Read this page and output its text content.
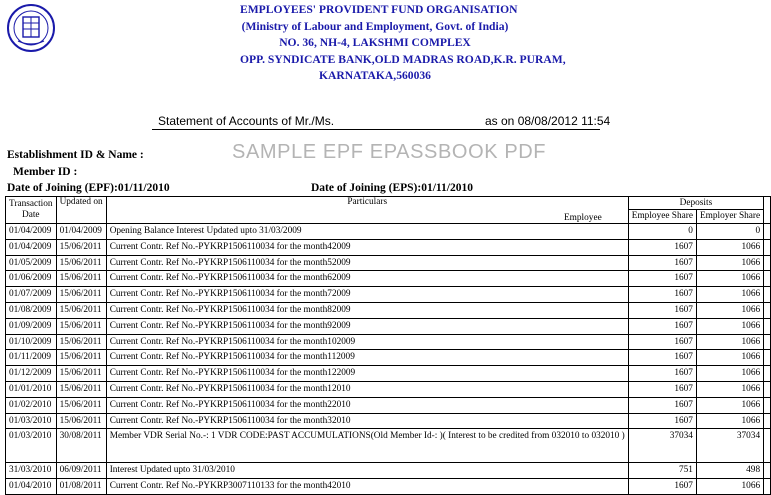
EMPLOYEES' PROVIDENT FUND ORGANISATION
(Ministry of Labour and Employment, Govt. of India)
NO. 36, NH-4, LAKSHMI COMPLEX
OPP. SYNDICATE BANK,OLD MADRAS ROAD,K.R. PURAM,
KARNATAKA,560036
Statement of Accounts of Mr./Ms.	as on 08/08/2012 11:54
Establishment ID & Name :	SAMPLE EPF EPASSBOOK PDF
Member ID :
Date of Joining (EPF):01/11/2010	Date of Joining (EPS):01/11/2010
Transaction Date	Updated on	Particulars	Deposits		
			Employee Share	Employer Share	
01/04/2009	01/04/2009	Opening Balance Interest Updated upto 31/03/2009	0	0	
01/04/2009	15/06/2011	Current Contr. Ref No.-PYKRP1506110034 for the month42009	1607	1066	
01/05/2009	15/06/2011	Current Contr. Ref No.-PYKRP1506110034 for the month52009	1607	1066	
01/06/2009	15/06/2011	Current Contr. Ref No.-PYKRP1506110034 for the month62009	1607	1066	
01/07/2009	15/06/2011	Current Contr. Ref No.-PYKRP1506110034 for the month72009	1607	1066	
01/08/2009	15/06/2011	Current Contr. Ref No.-PYKRP1506110034 for the month82009	1607	1066	
01/09/2009	15/06/2011	Current Contr. Ref No.-PYKRP1506110034 for the month92009	1607	1066	
01/10/2009	15/06/2011	Current Contr. Ref No.-PYKRP1506110034 for the month102009	1607	1066	
01/11/2009	15/06/2011	Current Contr. Ref No.-PYKRP1506110034 for the month112009	1607	1066	
01/12/2009	15/06/2011	Current Contr. Ref No.-PYKRP1506110034 for the month122009	1607	1066	
01/01/2010	15/06/2011	Current Contr. Ref No.-PYKRP1506110034 for the month12010	1607	1066	
01/02/2010	15/06/2011	Current Contr. Ref No.-PYKRP1506110034 for the month22010	1607	1066	
01/03/2010	15/06/2011	Current Contr. Ref No.-PYKRP1506110034 for the month32010	1607	1066	
01/03/2010	30/08/2011	Member VDR Serial No.-: 1 VDR CODE:PAST ACCUMULATIONS(Old Member Id-: )( Interest to be credited from 032010 to 032010 )	37034	37034	
31/03/2010	06/09/2011	Interest Updated upto 31/03/2010	751	498	
01/04/2010	01/08/2011	Current Contr. Ref No.-PYKRP3007110133 for the month42010	1607	1066	
Employee
